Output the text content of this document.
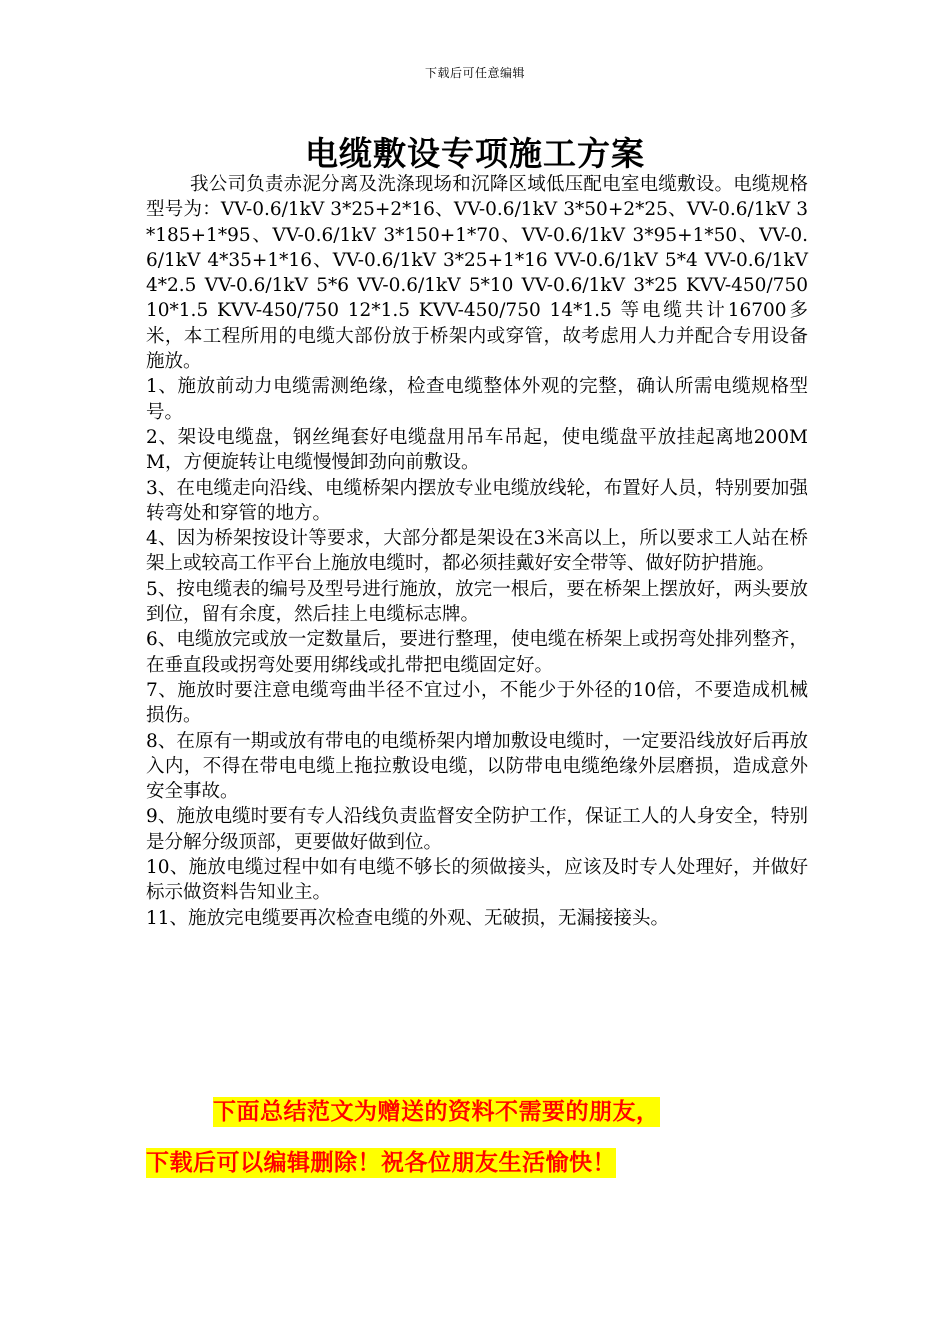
下载后可任意编辑
电缆敷设专项施工方案

我公司负责赤泥分离及洗涤现场和沉降区域低压配电室电缆敷设。电缆规格型号为：VV-0.6/1kV 3*25+2*16、VV-0.6/1kV 3*50+2*25、VV-0.6/1kV 3*185+1*95、VV-0.6/1kV 3*150+1*70、VV-0.6/1kV 3*95+1*50、VV-0.6/1kV 4*35+1*16、VV-0.6/1kV 3*25+1*16 VV-0.6/1kV 5*4 VV-0.6/1kV 4*2.5 VV-0.6/1kV 5*6 VV-0.6/1kV 5*10 VV-0.6/1kV 3*25 KVV-450/750 10*1.5 KVV-450/750 12*1.5 KVV-450/750 14*1.5 等电缆共计16700多米，本工程所用的电缆大部份放于桥架内或穿管，故考虑用人力并配合专用设备施放。

1、施放前动力电缆需测绝缘，检查电缆整体外观的完整，确认所需电缆规格型号。

2、架设电缆盘，钢丝绳套好电缆盘用吊车吊起，使电缆盘平放挂起离地200MM，方便旋转让电缆慢慢卸劲向前敷设。

3、在电缆走向沿线、电缆桥架内摆放专业电缆放线轮，布置好人员，特别要加强转弯处和穿管的地方。

4、因为桥架按设计等要求，大部分都是架设在3米高以上，所以要求工人站在桥架上或较高工作平台上施放电缆时，都必须挂戴好安全带等、做好防护措施。

5、按电缆表的编号及型号进行施放，放完一根后，要在桥架上摆放好，两头要放到位，留有余度，然后挂上电缆标志牌。

6、电缆放完或放一定数量后，要进行整理，使电缆在桥架上或拐弯处排列整齐，在垂直段或拐弯处要用绑线或扎带把电缆固定好。

7、施放时要注意电缆弯曲半径不宜过小，不能少于外径的10倍，不要造成机械损伤。

8、在原有一期或放有带电的电缆桥架内增加敷设电缆时，一定要沿线放好后再放入内，不得在带电电缆上拖拉敷设电缆，以防带电电缆绝缘外层磨损，造成意外安全事故。

9、施放电缆时要有专人沿线负责监督安全防护工作，保证工人的人身安全，特别是分解分级顶部，更要做好做到位。

10、施放电缆过程中如有电缆不够长的须做接头，应该及时专人处理好，并做好标示做资料告知业主。

11、施放完电缆要再次检查电缆的外观、无破损，无漏接接头。

下面总结范文为赠送的资料不需要的朋友，
下载后可以编辑删除！祝各位朋友生活愉快！
